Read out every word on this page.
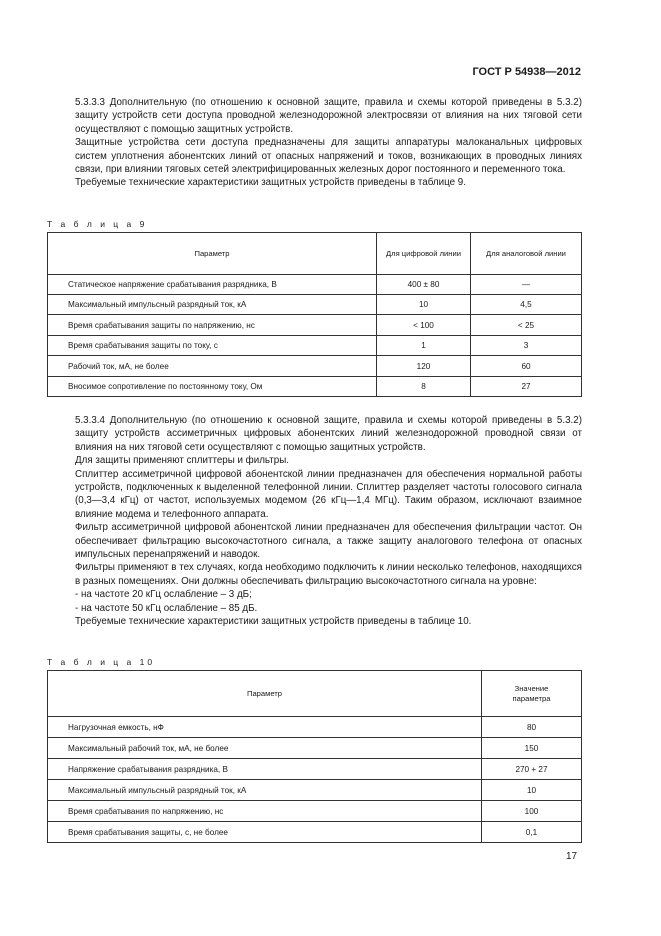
ГОСТ Р 54938—2012
5.3.3.3 Дополнительную (по отношению к основной защите, правила и схемы которой приведены в 5.3.2) защиту устройств сети доступа проводной железнодорожной электросвязи от влияния на них тяговой сети осуществляют с помощью защитных устройств.
Защитные устройства сети доступа предназначены для защиты аппаратуры малоканальных цифровых систем уплотнения абонентских линий от опасных напряжений и токов, возникающих в проводных линиях связи, при влиянии тяговых сетей электрифицированных железных дорог постоянного и переменного тока.
Требуемые технические характеристики защитных устройств приведены в таблице 9.
Т а б л и ц а 9
Параметр	Для цифровой линии	Для аналоговой линии
Статическое напряжение срабатывания разрядника, В	400 ± 80	—
Максимальный импульсный разрядный ток, кА	10	4,5
Время срабатывания защиты по напряжению, нс	< 100	< 25
Время срабатывания защиты по току, с	1	3
Рабочий ток, мА, не более	120	60
Вносимое сопротивление по постоянному току, Ом	8	27
5.3.3.4 Дополнительную (по отношению к основной защите, правила и схемы которой приведены в 5.3.2) защиту устройств ассиметричных цифровых абонентских линий железнодорожной проводной связи от влияния на них тяговой сети осуществляют с помощью защитных устройств.
Для защиты применяют сплиттеры и фильтры.
Сплиттер ассиметричной цифровой абонентской линии предназначен для обеспечения нормальной работы устройств, подключенных к выделенной телефонной линии. Сплиттер разделяет частоты голосового сигнала (0,3—3,4 кГц) от частот, используемых модемом (26 кГц—1,4 МГц). Таким образом, исключают взаимное влияние модема и телефонного аппарата.
Фильтр ассиметричной цифровой абонентской линии предназначен для обеспечения фильтрации частот. Он обеспечивает фильтрацию высокочастотного сигнала, а также защиту аналогового телефона от опасных импульсных перенапряжений и наводок.
Фильтры применяют в тех случаях, когда необходимо подключить к линии несколько телефонов, находящихся в разных помещениях. Они должны обеспечивать фильтрацию высокочастотного сигнала на уровне:
- на частоте 20 кГц ослабление – 3 дБ;
- на частоте 50 кГц ослабление – 85 дБ.
Требуемые технические характеристики защитных устройств приведены в таблице 10.
Т а б л и ц а 10
Параметр	Значение параметра
Нагрузочная емкость, нФ	80
Максимальный рабочий ток, мА, не более	150
Напряжение срабатывания разрядника, В	270 + 27
Максимальный импульсный разрядный ток, кА	10
Время срабатывания по напряжению, нс	100
Время срабатывания защиты, с, не более	0,1
17
